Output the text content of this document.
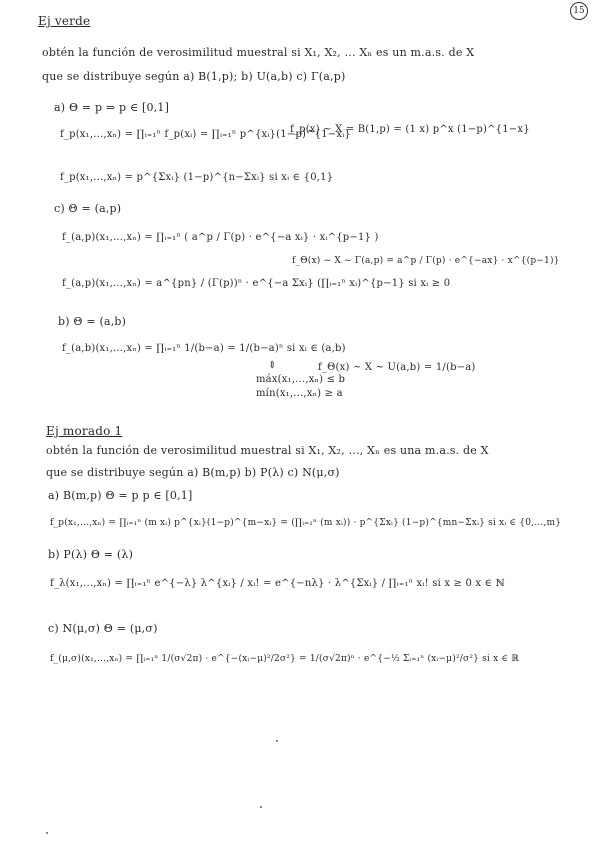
15
Ej verde
obtén la función de verosimilitud muestral si X₁, X₂, ... Xₙ es un m.a.s. de X
que se distribuye según a) B(1,p); b) U(a,b) c) Γ(a,p)
a) Θ = p ⇒ p ∈ [0,1]
f_p(x₁,...,xₙ) = ∏ᵢ₌₁ⁿ f_p(xᵢ) = ∏ᵢ₌₁ⁿ p^{xᵢ}(1−p)^{1−xᵢ}
f_p(x) ~ X = B(1,p) = (1 x) p^x (1−p)^{1−x}
f_p(x₁,...,xₙ) = p^{Σxᵢ} (1−p)^{n−Σxᵢ} si xᵢ ∈ {0,1}
c) Θ = (a,p)
f_(a,p)(x₁,...,xₙ) = ∏ᵢ₌₁ⁿ ( a^p / Γ(p) · e^{−a xᵢ} · xᵢ^{p−1} )
f_Θ(x) ~ X ~ Γ(a,p) = a^p / Γ(p) · e^{−ax} · x^{(p−1)}
f_(a,p)(x₁,...,xₙ) = a^{pn} / (Γ(p))ⁿ · e^{−a Σxᵢ} (∏ᵢ₌₁ⁿ xᵢ)^{p−1} si xᵢ ≥ 0
b) Θ = (a,b)
f_(a,b)(x₁,...,xₙ) = ∏ᵢ₌₁ⁿ 1/(b−a) = 1/(b−a)ⁿ si xᵢ ∈ (a,b)
f_Θ(x) ~ X ~ U(a,b) = 1/(b−a)
⇕
máx(x₁,...,xₙ) ≤ b
mín(x₁,...,xₙ) ≥ a
Ej morado 1
obtén la función de verosimilitud muestral si X₁, X₂, ..., Xₙ es una m.a.s. de X
que se distribuye según a) B(m,p) b) P(λ) c) N(μ,σ)
a) B(m,p) Θ = p p ∈ [0,1]
f_p(x₁,...,xₙ) = ∏ᵢ₌₁ⁿ (m xᵢ) p^{xᵢ}(1−p)^{m−xᵢ} = (∏ᵢ₌₁ⁿ (m xᵢ)) · p^{Σxᵢ} (1−p)^{mn−Σxᵢ} si xᵢ ∈ {0,...,m}
b) P(λ) Θ = (λ)
f_λ(x₁,...,xₙ) = ∏ᵢ₌₁ⁿ e^{−λ} λ^{xᵢ} / xᵢ! = e^{−nλ} · λ^{Σxᵢ} / ∏ᵢ₌₁ⁿ xᵢ! si x ≥ 0 x ∈ ℕ
c) N(μ,σ) Θ = (μ,σ)
f_(μ,σ)(x₁,...,xₙ) = ∏ᵢ₌₁ⁿ 1/(σ√2π) · e^{−(xᵢ−μ)²/2σ²} = 1/(σ√2π)ⁿ · e^{−½ Σᵢ₌₁ⁿ (xᵢ−μ)²/σ²} si x ∈ ℝ
